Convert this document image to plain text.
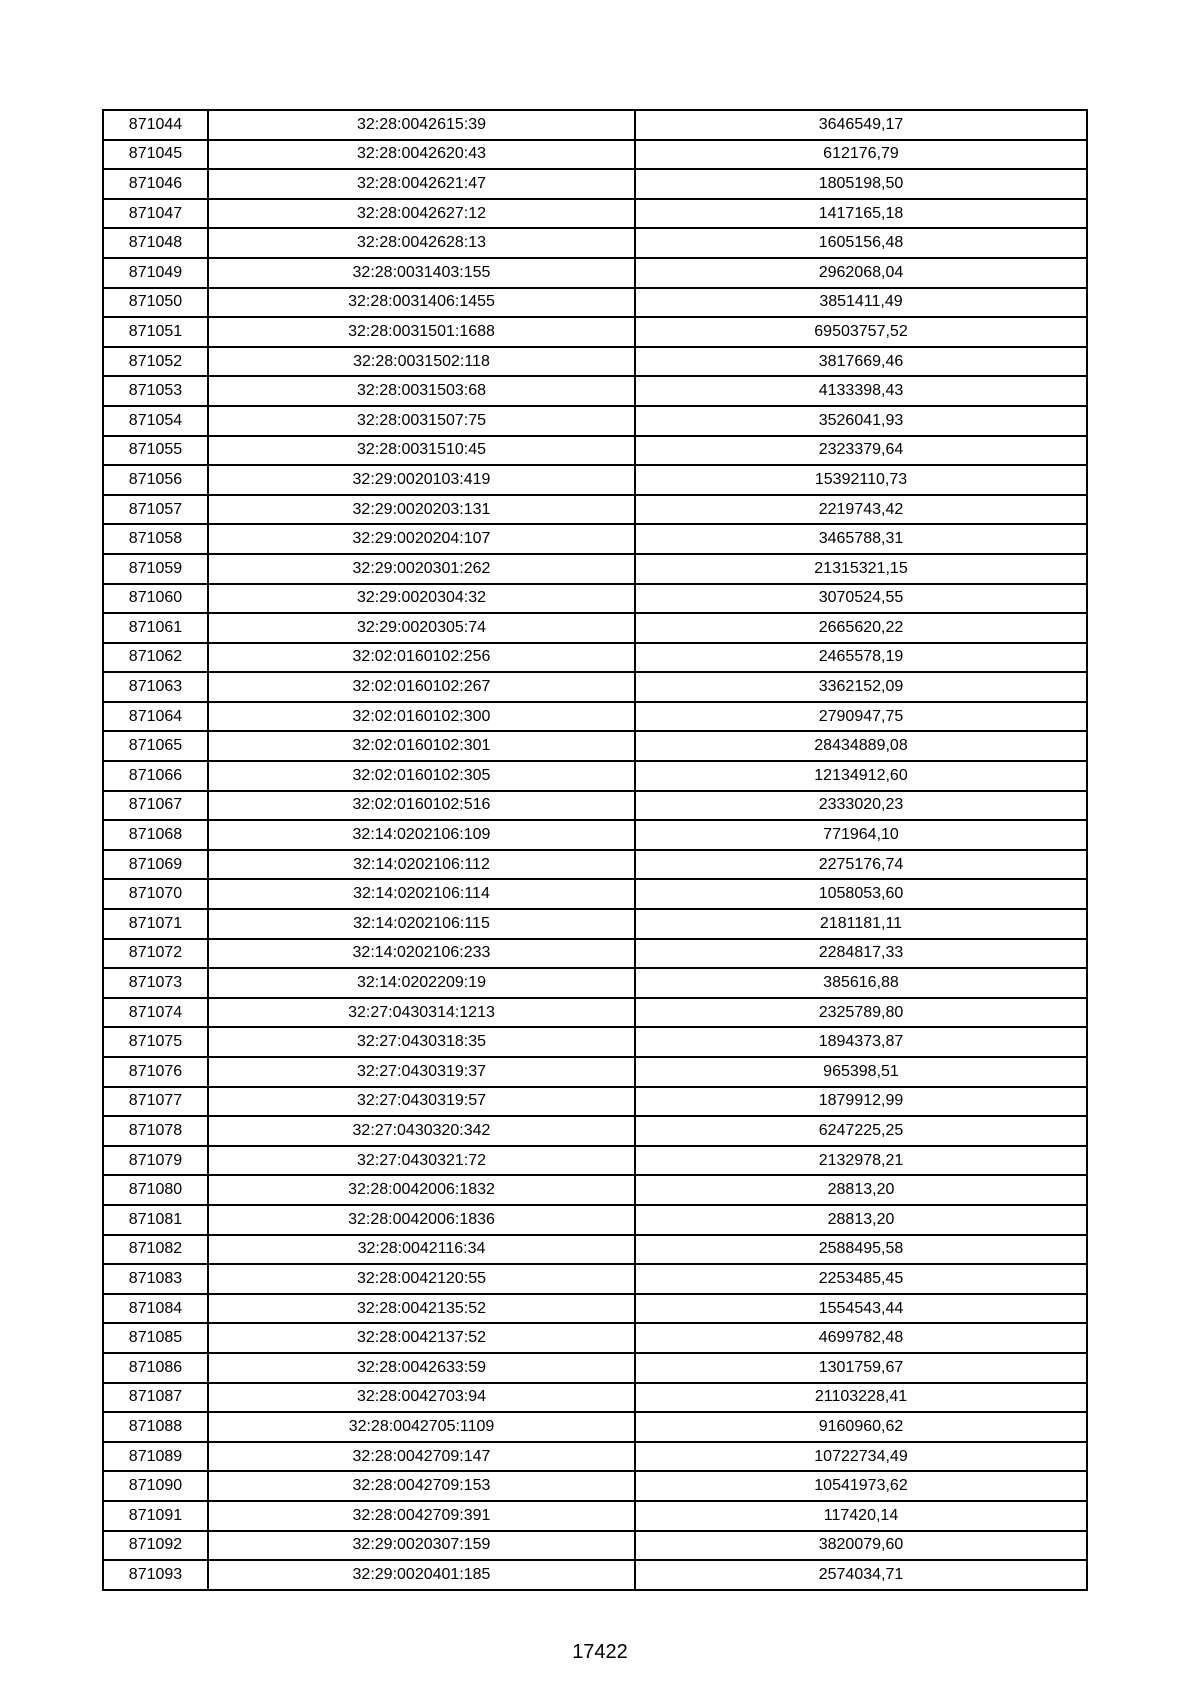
871044	32:28:0042615:39	3646549,17
871045	32:28:0042620:43	612176,79
871046	32:28:0042621:47	1805198,50
871047	32:28:0042627:12	1417165,18
871048	32:28:0042628:13	1605156,48
871049	32:28:0031403:155	2962068,04
871050	32:28:0031406:1455	3851411,49
871051	32:28:0031501:1688	69503757,52
871052	32:28:0031502:118	3817669,46
871053	32:28:0031503:68	4133398,43
871054	32:28:0031507:75	3526041,93
871055	32:28:0031510:45	2323379,64
871056	32:29:0020103:419	15392110,73
871057	32:29:0020203:131	2219743,42
871058	32:29:0020204:107	3465788,31
871059	32:29:0020301:262	21315321,15
871060	32:29:0020304:32	3070524,55
871061	32:29:0020305:74	2665620,22
871062	32:02:0160102:256	2465578,19
871063	32:02:0160102:267	3362152,09
871064	32:02:0160102:300	2790947,75
871065	32:02:0160102:301	28434889,08
871066	32:02:0160102:305	12134912,60
871067	32:02:0160102:516	2333020,23
871068	32:14:0202106:109	771964,10
871069	32:14:0202106:112	2275176,74
871070	32:14:0202106:114	1058053,60
871071	32:14:0202106:115	2181181,11
871072	32:14:0202106:233	2284817,33
871073	32:14:0202209:19	385616,88
871074	32:27:0430314:1213	2325789,80
871075	32:27:0430318:35	1894373,87
871076	32:27:0430319:37	965398,51
871077	32:27:0430319:57	1879912,99
871078	32:27:0430320:342	6247225,25
871079	32:27:0430321:72	2132978,21
871080	32:28:0042006:1832	28813,20
871081	32:28:0042006:1836	28813,20
871082	32:28:0042116:34	2588495,58
871083	32:28:0042120:55	2253485,45
871084	32:28:0042135:52	1554543,44
871085	32:28:0042137:52	4699782,48
871086	32:28:0042633:59	1301759,67
871087	32:28:0042703:94	21103228,41
871088	32:28:0042705:1109	9160960,62
871089	32:28:0042709:147	10722734,49
871090	32:28:0042709:153	10541973,62
871091	32:28:0042709:391	117420,14
871092	32:29:0020307:159	3820079,60
871093	32:29:0020401:185	2574034,71
17422
